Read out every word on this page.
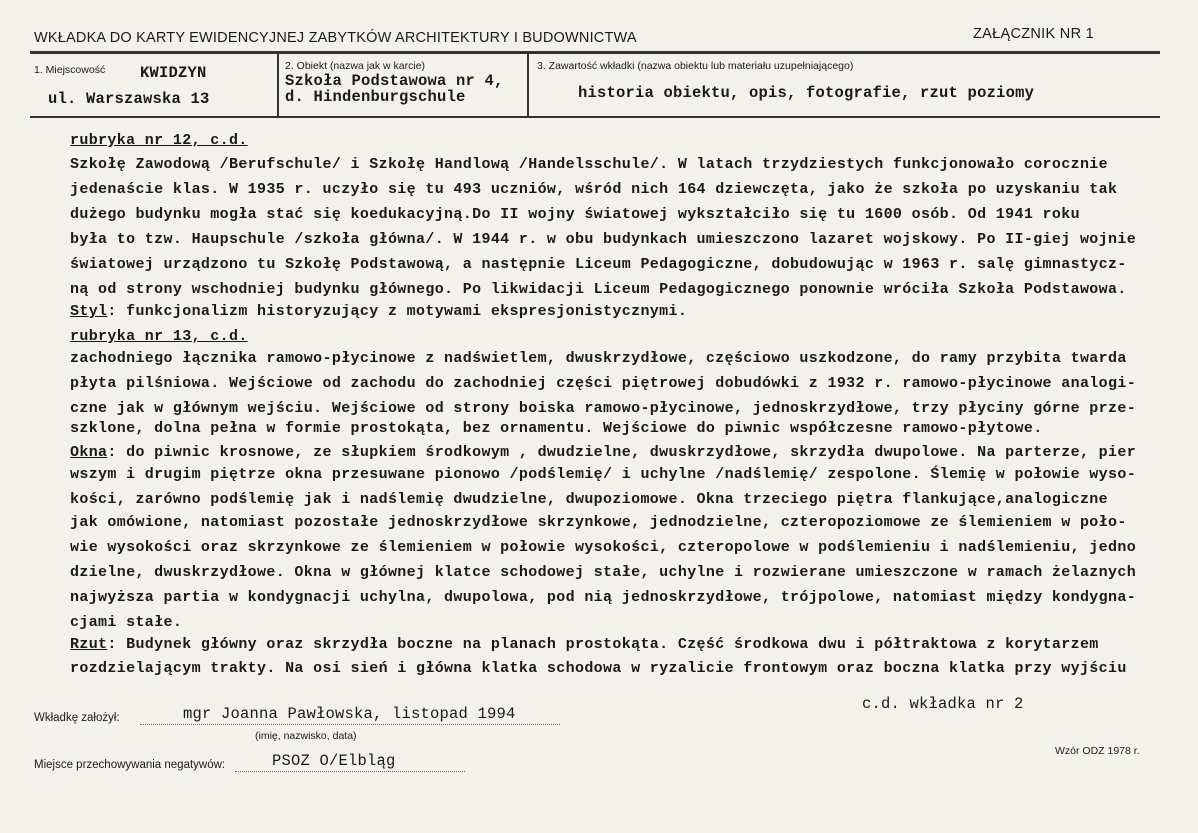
WKŁADKA DO KARTY EWIDENCYJNEJ ZABYTKÓW ARCHITEKTURY I BUDOWNICTWA	ZAŁĄCZNIK NR 1
1. Miejscowość KWIDZYN
ul. Warszawska 13
2. Obiekt (nazwa jak w karcie)
Szkoła Podstawowa nr 4,
d. Hindenburgschule
3. Zawartość wkładki (nazwa obiektu lub materiału uzupełniającego)
historia obiektu, opis, fotografie, rzut poziomy
rubryka nr 12, c.d.
Szkołę Zawodową /Berufschule/ i Szkołę Handlową /Handelsschule/. W latach trzydziestych funkcjonowało corocznie
jedenaście klas. W 1935 r. uczyło się tu 493 uczniów, wśród nich 164 dziewczęta, jako że szkoła po uzyskaniu tak
dużego budynku mogła stać się koedukacyjną.Do II wojny światowej wykształciło się tu 1600 osób. Od 1941 roku
była to tzw. Haupschule /szkoła główna/. W 1944 r. w obu budynkach umieszczono lazaret wojskowy. Po II-giej wojnie
światowej urządzono tu Szkołę Podstawową, a następnie Liceum Pedagogiczne, dobudowując w 1963 r. salę gimnastycz-
ną od strony wschodniej budynku głównego. Po likwidacji Liceum Pedagogicznego ponownie wróciła Szkoła Podstawowa.
Styl: funkcjonalizm historyzujący z motywami ekspresjonistycznymi.
rubryka nr 13, c.d.
zachodniego łącznika ramowo-płycinowe z nadświetlem, dwuskrzydłowe, częściowo uszkodzone, do ramy przybita twarda
płyta pilśniowa. Wejściowe od zachodu do zachodniej części piętrowej dobudówki z 1932 r. ramowo-płycinowe analogi-
czne jak w głównym wejściu. Wejściowe od strony boiska ramowo-płycinowe, jednoskrzydłowe, trzy płyciny górne prze-
szklone, dolna pełna w formie prostokąta, bez ornamentu. Wejściowe do piwnic współczesne ramowo-płytowe.
Okna: do piwnic krosnowe, ze słupkiem środkowym , dwudzielne, dwuskrzydłowe, skrzydła dwupolowe. Na parterze, pier
wszym i drugim piętrze okna przesuwane pionowo /podślemię/ i uchylne /nadślemię/ zespolone. Ślemię w połowie wyso-
kości, zarówno podślemię jak i nadślemię dwudzielne, dwupoziomowe. Okna trzeciego piętra flankujące,analogiczne
jak omówione, natomiast pozostałe jednoskrzydłowe skrzynkowe, jednodzielne, czteropoziomowe ze ślemieniem w poło-
wie wysokości oraz skrzynkowe ze ślemieniem w połowie wysokości, czteropolowe w podślemieniu i nadślemieniu, jedno
dzielne, dwuskrzydłowe. Okna w głównej klatce schodowej stałe, uchylne i rozwierane umieszczone w ramach żelaznych
najwyższa partia w kondygnacji uchylna, dwupolowa, pod nią jednoskrzydłowe, trójpolowe, natomiast między kondygna-
cjami stałe.
Rzut: Budynek główny oraz skrzydła boczne na planach prostokąta. Część środkowa dwu i półtraktowa z korytarzem
rozdzielającym trakty. Na osi sień i główna klatka schodowa w ryzalicie frontowym oraz boczna klatka przy wyjściu
Wkładkę założył:	mgr Joanna Pawłowska, listopad 1994
(imię, nazwisko, data)
c.d. wkładka nr 2
Miejsce przechowywania negatywów:	PSOZ O/Elbląg
Wzór ODZ 1978 r.
